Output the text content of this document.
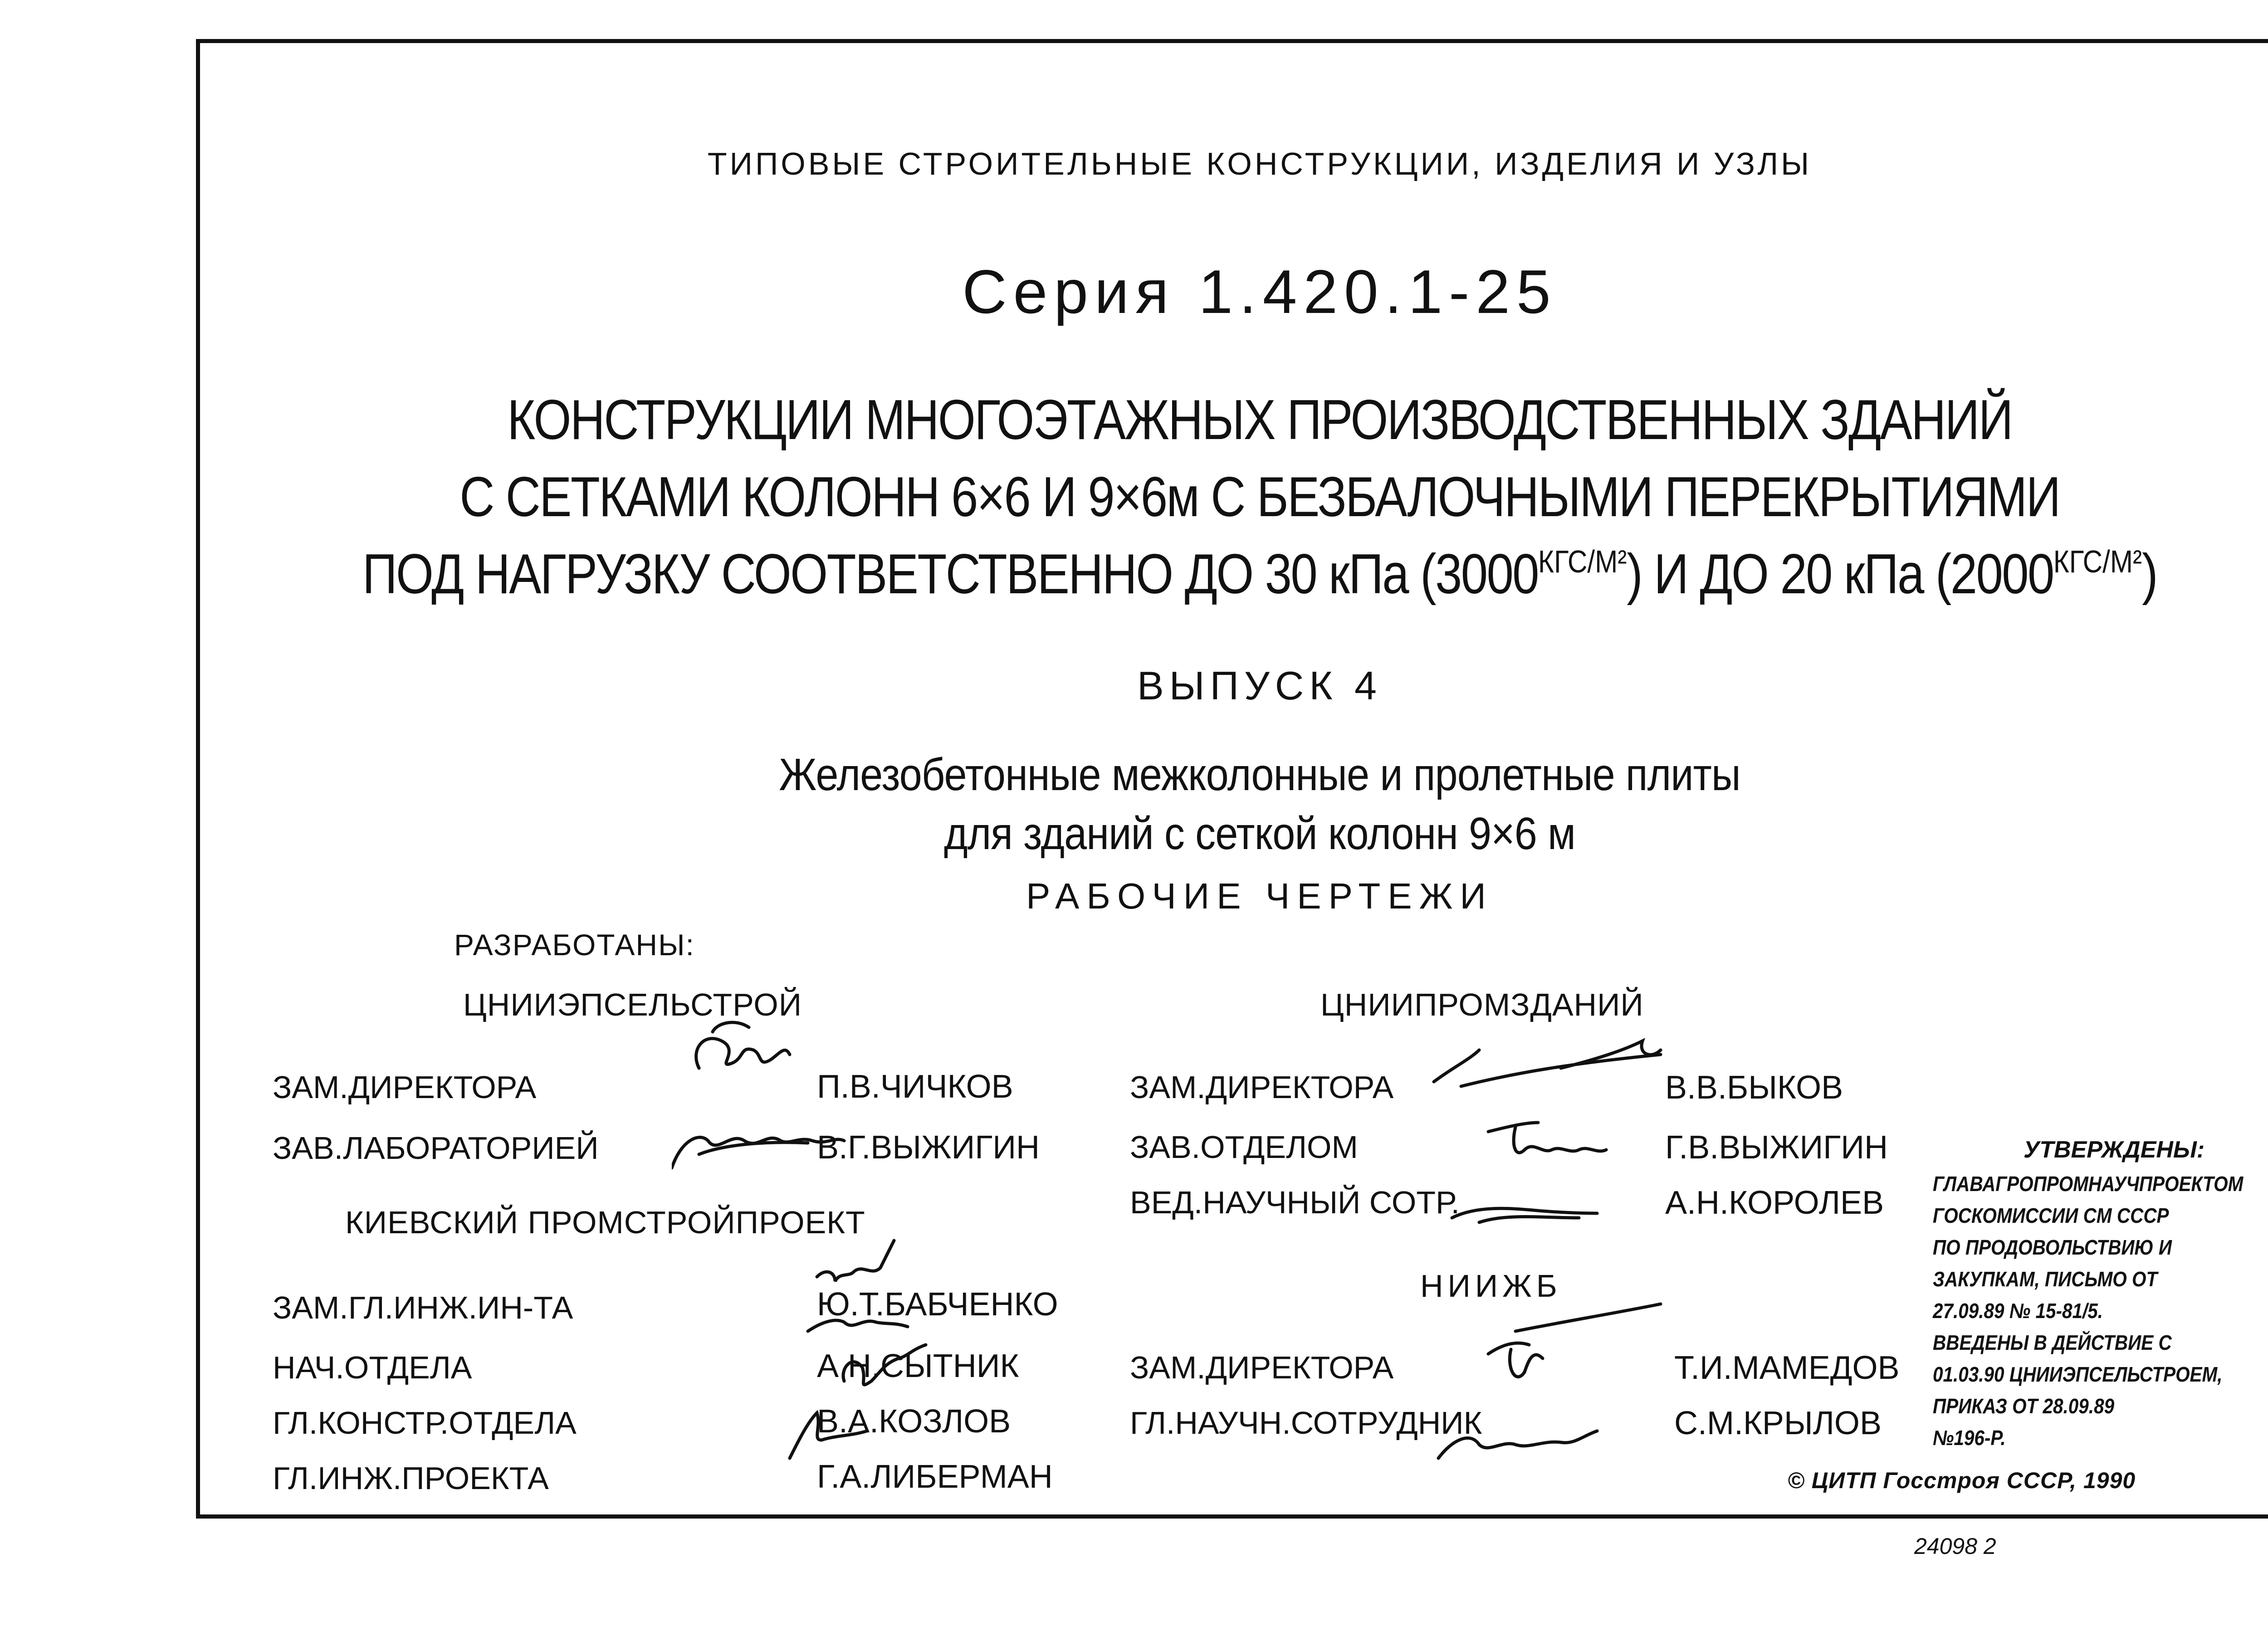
ТИПОВЫЕ СТРОИТЕЛЬНЫЕ КОНСТРУКЦИИ, ИЗДЕЛИЯ И УЗЛЫ
Серия 1.420.1-25
КОНСТРУКЦИИ МНОГОЭТАЖНЫХ ПРОИЗВОДСТВЕННЫХ ЗДАНИЙ
С СЕТКАМИ КОЛОНН 6×6 И 9×6м С БЕЗБАЛОЧНЫМИ ПЕРЕКРЫТИЯМИ
ПОД НАГРУЗКУ СООТВЕТСТВЕННО ДО 30 кПа $(3000^{КГС/М^2})$ И ДО 20 кПа $(2000^{КГС/М^2})$
ВЫПУСК 4
Железобетонные межколонные и пролетные плиты
для зданий с сеткой колонн 9×6 м
РАБОЧИЕ ЧЕРТЕЖИ
РАЗРАБОТАНЫ:
ЦНИИЭПСЕЛЬСТРОЙ
ЗАМ.ДИРЕКТОРА	П.В.ЧИЧКОВ
ЗАВ.ЛАБОРАТОРИЕЙ	В.Г.ВЫЖИГИН
КИЕВСКИЙ ПРОМСТРОЙПРОЕКТ
ЗАМ.ГЛ.ИНЖ.ИН-ТА	Ю.Т.БАБЧЕНКО
НАЧ.ОТДЕЛА	А.Н.СЫТНИК
ГЛ.КОНСТР.ОТДЕЛА	В.А.КОЗЛОВ
ГЛ.ИНЖ.ПРОЕКТА	Г.А.ЛИБЕРМАН
ЦНИИПРОМЗДАНИЙ
ЗАМ.ДИРЕКТОРА	В.В.БЫКОВ
ЗАВ.ОТДЕЛОМ	Г.В.ВЫЖИГИН
ВЕД.НАУЧНЫЙ СОТР.	А.Н.КОРОЛЕВ
НИИЖБ
ЗАМ.ДИРЕКТОРА	Т.И.МАМЕДОВ
ГЛ.НАУЧН.СОТРУДНИК	С.М.КРЫЛОВ
УТВЕРЖДЕНЫ:
ГЛАВАГРОПРОМНАУЧПРОЕКТОМ
ГОСКОМИССИИ СМ СССР
ПО ПРОДОВОЛЬСТВИЮ И
ЗАКУПКАМ, ПИСЬМО ОТ
27.09.89 № 15-81/5.
ВВЕДЕНЫ В ДЕЙСТВИЕ С
01.03.90 ЦНИИЭПСЕЛЬСТРОЕМ,
ПРИКАЗ ОТ 28.09.89
№196-Р.
© ЦИТП Госстроя СССР, 1990
24098 2
